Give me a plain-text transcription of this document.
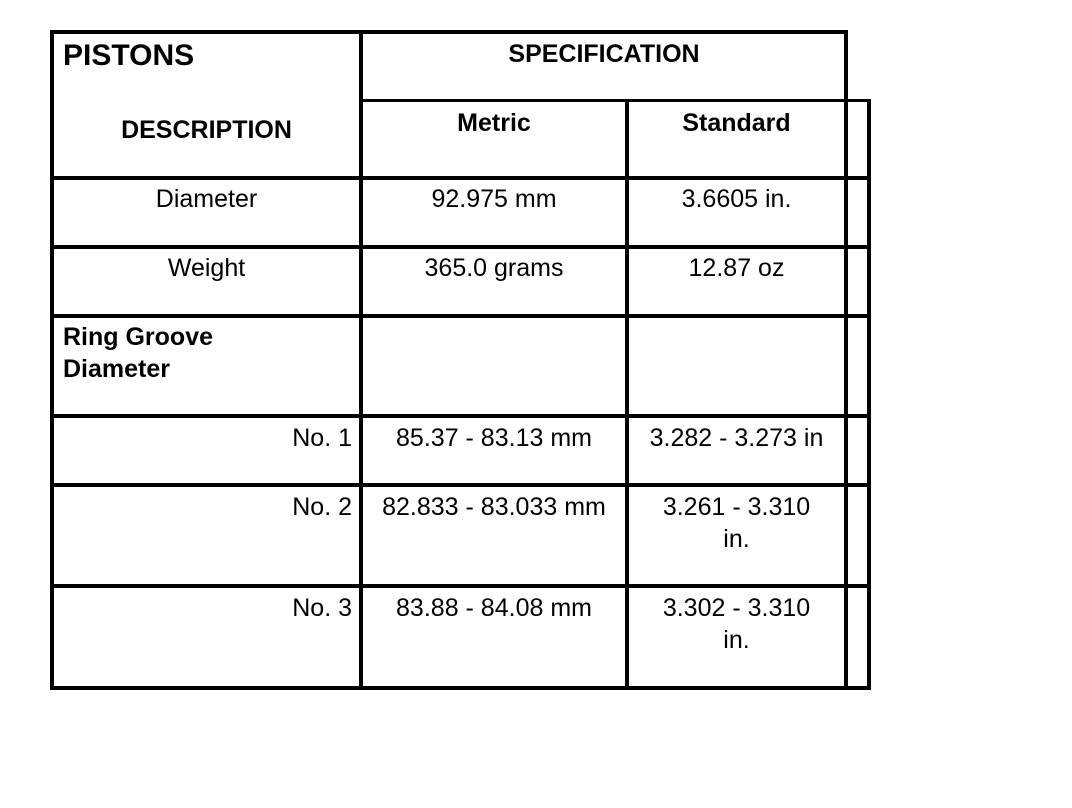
PISTONS	SPECIFICATION
DESCRIPTION	Metric	Standard
Diameter	92.975 mm	3.6605 in.
Weight	365.0 grams	12.87 oz
Ring Groove Diameter
No. 1	85.37 - 83.13 mm	3.282 - 3.273 in
No. 2 82.833 - 83.033 mm	3.261 - 3.310 in.
No. 3	83.88 - 84.08 mm	3.302 - 3.310 in.
